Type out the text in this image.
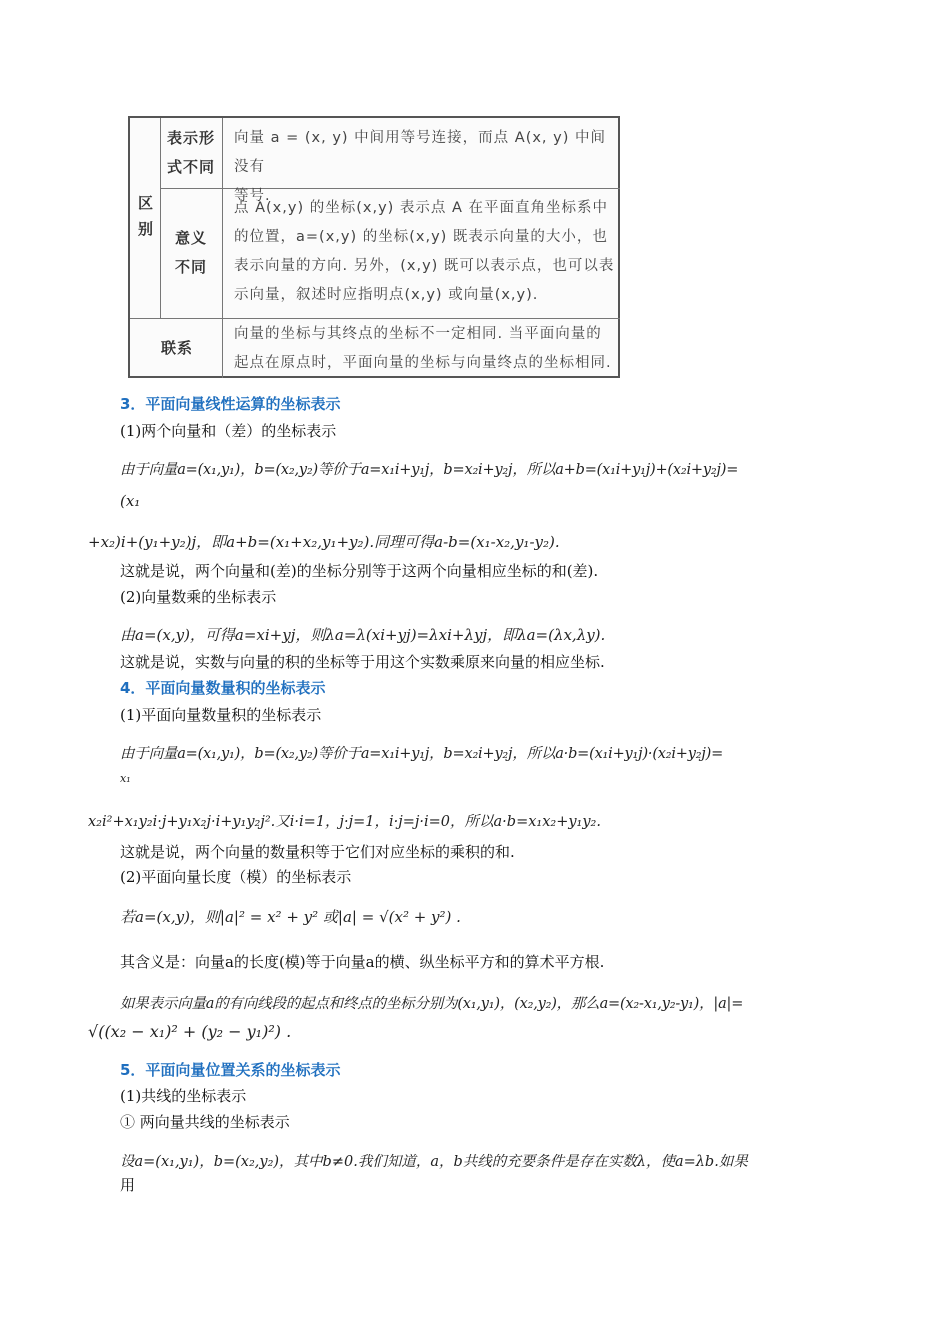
区
别
表示形
式不同
向量 a = (x, y) 中间用等号连接，而点 A(x, y) 中间没有
等号.
意义
不同
点 A(x,y) 的坐标(x,y) 表示点 A 在平面直角坐标系中
的位置，a=(x,y) 的坐标(x,y) 既表示向量的大小，也
表示向量的方向. 另外，(x,y) 既可以表示点，也可以表
示向量，叙述时应指明点(x,y) 或向量(x,y).
联系
向量的坐标与其终点的坐标不一定相同. 当平面向量的
起点在原点时，平面向量的坐标与向量终点的坐标相同.
3．平面向量线性运算的坐标表示
(1)两个向量和（差）的坐标表示
由于向量a=(x₁,y₁)，b=(x₂,y₂)等价于a=x₁i+y₁j，b=x₂i+y₂j，所以a+b=(x₁i+y₁j)+(x₂i+y₂j)=
(x₁
+x₂)i+(y₁+y₂)j，即a+b=(x₁+x₂,y₁+y₂).同理可得a-b=(x₁-x₂,y₁-y₂).
这就是说，两个向量和(差)的坐标分别等于这两个向量相应坐标的和(差).
(2)向量数乘的坐标表示
由a=(x,y)，可得a=xi+yj，则λa=λ(xi+yj)=λxi+λyj，即λa=(λx,λy).
这就是说，实数与向量的积的坐标等于用这个实数乘原来向量的相应坐标.
4．平面向量数量积的坐标表示
(1)平面向量数量积的坐标表示
由于向量a=(x₁,y₁)，b=(x₂,y₂)等价于a=x₁i+y₁j，b=x₂i+y₂j，所以a·b=(x₁i+y₁j)·(x₂i+y₂j)=
x₁
x₂i²+x₁y₂i·j+y₁x₂j·i+y₁y₂j².又i·i=1，j·j=1，i·j=j·i=0，所以a·b=x₁x₂+y₁y₂.
这就是说，两个向量的数量积等于它们对应坐标的乘积的和.
(2)平面向量长度（模）的坐标表示
若a=(x,y)，则|a|² = x² + y² 或|a| = √(x² + y²) .
其含义是：向量a的长度(模)等于向量a的横、纵坐标平方和的算术平方根.
如果表示向量a的有向线段的起点和终点的坐标分别为(x₁,y₁)，(x₂,y₂)，那么a=(x₂-x₁,y₂-y₁)，|a|=
√((x₂ − x₁)² + (y₂ − y₁)²) .
5．平面向量位置关系的坐标表示
(1)共线的坐标表示
① 两向量共线的坐标表示
设a=(x₁,y₁)，b=(x₂,y₂)，其中b≠0.我们知道，a，b共线的充要条件是存在实数λ，使a=λb.如果
用
